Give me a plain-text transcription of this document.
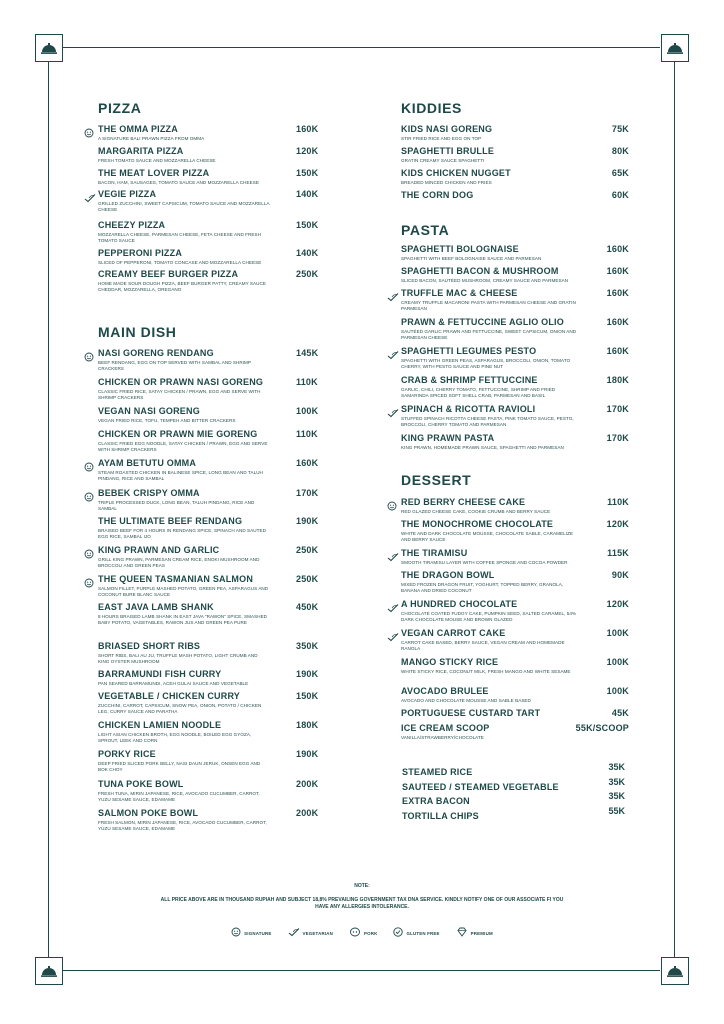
PIZZA
THE OMMA PIZZA
A SIGNATURE BALI PRAWN PIZZA FROM OMMA
160K
MARGARITA PIZZA
FRESH TOMATO SAUCE AND MOZZARELLA CHEESE
120K
THE MEAT LOVER PIZZA
BACON, HAM, SAUSAGES, TOMATO SAUCE AND MOZZARELLA CHEESE
150K
VEGIE PIZZA
GRILLED ZUCCHINI, SWEET CAPSICUM, TOMATO SAUCE AND MOZZARELLA CHEESE
140K
CHEEZY PIZZA
MOZZARELLA CHEESE, PARMESAN CHEESE, FETA CHEESE AND FRESH TOMATO SAUCE
150K
PEPPERONI PIZZA
SLICED OF PEPPERONI, TOMATO CONCASE AND MOZZARELLA CHEESE
140K
CREAMY BEEF BURGER PIZZA
HOME MADE SOUR DOUGH PIZZA, BEEF BURGER PATTY, CREAMY SAUCE CHEDDAR, MOZZARELLA, OREGANO
250K
MAIN DISH
NASI GORENG RENDANG
BEEF RENDANG, EGG ON TOP SERVED WITH SAMBAL AND SHRIMP CRACKERS
145K
CHICKEN OR PRAWN NASI GORENG
CLASSIC FRIED RICE, SATAY CHICKEN / PRAWN, EGG AND SERVE WITH SHRIMP CRACKERS
110K
VEGAN NASI GORENG
VEGAN FRIED RICE, TOFU, TEMPEH AND BITTER CRACKERS
100K
CHICKEN OR PRAWN MIE GORENG
CLASSIC FRIED EGG NOODLE, SATAY CHICKEN / PRAWN, EGG AND SERVE WITH SHRIMP CRACKERS
110K
AYAM BETUTU OMMA
STEAM ROASTED CHICKEN IN BALINESE SPICE, LONG BEAN AND TALUH PINDANG, RICE AND SAMBAL
160K
BEBEK CRISPY OMMA
TRIPLE PROCESSED DUCK, LONG BEAN, TALUH PINDANG, RICE AND SAMBAL
170K
THE ULTIMATE BEEF RENDANG
BRAISED BEEF FOR 4 HOURS IN RENDANG SPICE, SPINACH AND SAUTED EGG RICE, SAMBAL IJO
190K
KING PRAWN AND GARLIC
GRILL KING PRAWN, PARMESAN CREAM RICE, ENOKI MUSHROOM AND BROCCOLI AND GREEN PEAS
250K
THE QUEEN TASMANIAN SALMON
SALMON FILLET, PURPLE MASHED POTATO, GREEN PEA, ASPARAGUS AND COCONUT BURE BLANC SAUCE
250K
EAST JAVA LAMB SHANK
8 HOURS BRAISED LAMB SHANK IN EAST JAVA "RAWON" SPICE, SMASHED BABY POTATO, VAGETABLES, RAWON JUS AND GREEN PEA PURE
450K
BRIASED SHORT RIBS
SHORT RIBS, BALI AU JU, TRUFFLE MASH POTATO, LIGHT CRUMB AND KING OYSTER MUSHROOM
350K
BARRAMUNDI FISH CURRY
PAN SEARED BARRAMUNDI, ACEH GULAI SAUCE AND VEGETABLE
190K
VEGETABLE / CHICKEN CURRY
ZUCCHINI, CARROT, CAPSICUM, SNOW PEA, ONION, POTATO / CHICKEN LEG, CURRY SAUCE AND PARATHA
150K
CHICKEN LAMIEN NOODLE
LIGHT ASIAN CHICKEN BROTH, EGG NOODLE, BOILED EGG GYOZA, SPROUT, LEEK AND CORN
180K
PORKY RICE
DEEP FRIED SLICED PORK BELLY, NASI DAUN JERUK, ONSEN EGG AND BOK CHOY
190K
TUNA POKE BOWL
FRESH TUNA, MIRIN JAPANESE, RICE, AVOCADO CUCUMBER, CARROT, YUZU SESAME SAUCE, EDAMAME
200K
SALMON POKE BOWL
FRESH SALMON, MIRIN JAPANESE, RICE, AVOCADO CUCUMBER, CARROT, YUZU SESAME SAUCE, EDAMAME
200K
KIDDIES
KIDS NASI GORENG
STIR FRIED RICE AND EGG ON TOP
75K
SPAGHETTI BRULLE
GRATIN CREAMY SAUCE SPAGHETTI
80K
KIDS CHICKEN NUGGET
BREADED MINCED CHICKEN AND FRIES
65K
THE CORN DOG	60K
PASTA
SPAGHETTI BOLOGNAISE
SPAGHETTI WITH BEEF BOLOGNAISE SAUCE AND PARMESAN
160K
SPAGHETTI BACON & MUSHROOM
SLICED BACON, SAUTÉED MUSHROOM, CREAMY SAUCE AND PARMESAN
160K
TRUFFLE MAC & CHEESE
CREAMY TRUFFLE MACARONI PASTA WITH PARMESAN CHEESE AND GRATIN PARMESAN
160K
PRAWN & FETTUCCINE AGLIO OLIO
SAUTÉED GARLIC PRAWN AND FETTUCCINE, SWEET CAPSICUM, ONION AND PARMESAN CHEESE
160K
SPAGHETTI LEGUMES PESTO
SPAGHETTI WITH GREEN PEAS, ASPARAGUS, BROCCOLI, ONION, TOMATO CHERRY, WITH PESTO SAUCE AND PINE NUT
160K
CRAB & SHRIMP FETTUCCINE
GARLIC, CHILI, CHERRY TOMATO, FETTUCCINE, SHRIMP AND FRIED SAMARINDA SPICED SOFT SHELL CRAB, PARMESAN AND BASIL
180K
SPINACH & RICOTTA RAVIOLI
STUFFED SPINACH RICOTTA CHEESE PASTA, PINK TOMATO SAUCE, PESTO, BROCCOLI, CHERRY TOMATO AND PARMESAN
170K
KING PRAWN PASTA
KING PRAWN, HOMEMADE PRAWN SAUCE, SPAGHETTI AND PARMESAN
170K
DESSERT
RED BERRY CHEESE CAKE
RED GLAZED CHEESE CAKE, COOKIE CRUMB AND BERRY SAUCE
110K
THE MONOCHROME CHOCOLATE
WHITE AND DARK CHOCOLATE MOUSSE, CHOCOLATE SABLE, CARAMELIZE AND BERRY SAUCE
120K
THE TIRAMISU
SMOOTH TIRAMISU LAYER WITH COFFEE SPONGE AND COCOA POWDER
115K
THE DRAGON BOWL
MIXED FROZEN DRAGON FRUIT, YOGHURT, TOPPED BERRY, GRANOLA, BANANA AND DRIED COCONUT
90K
A HUNDRED CHOCOLATE
CHOCOLATE COATED FUDGY CAKE, PUMPKIN SEED, SALTED CARAMEL, 54% DARK CHOCOLATE MOUSE AND BROWN GLAZED
120K
VEGAN CARROT CAKE
CARROT CAKE BASED, BERRY SAUCE, VEGAN CREAM AND HOMEMADE RANOLA
100K
MANGO STICKY RICE
WHITE STICKY RICE, COCONUT MILK, FRESH MANGO AND WHITE SESAME
100K
AVOCADO BRULEE
AVOCADO AND CHOCOLATE MOUSSE AND SABLE BASED
100K
PORTUGUESE CUSTARD TART	45K
ICE CREAM SCOOP
VANILLA/STRAWBERRY/CHOCOLATE
55K/SCOOP
STEAMED RICE	35K
SAUTEED / STEAMED VEGETABLE	35K
EXTRA BACON	35K
TORTILLA CHIPS	55K
NOTE:
ALL PRICE ABOVE ARE IN THOUSAND RUPIAH AND SUBJECT 18,8% PREVAILING GOVERNMENT TAX DNA SERVICE. KINDLY NOTIFY ONE OF OUR ASSOCIATE FI YOU HAVE ANY ALLERGIES INTOLERANCE.
SIGNATURE	VEGETARIAN	PORK	GLUTEN FREE	PREMIUM
